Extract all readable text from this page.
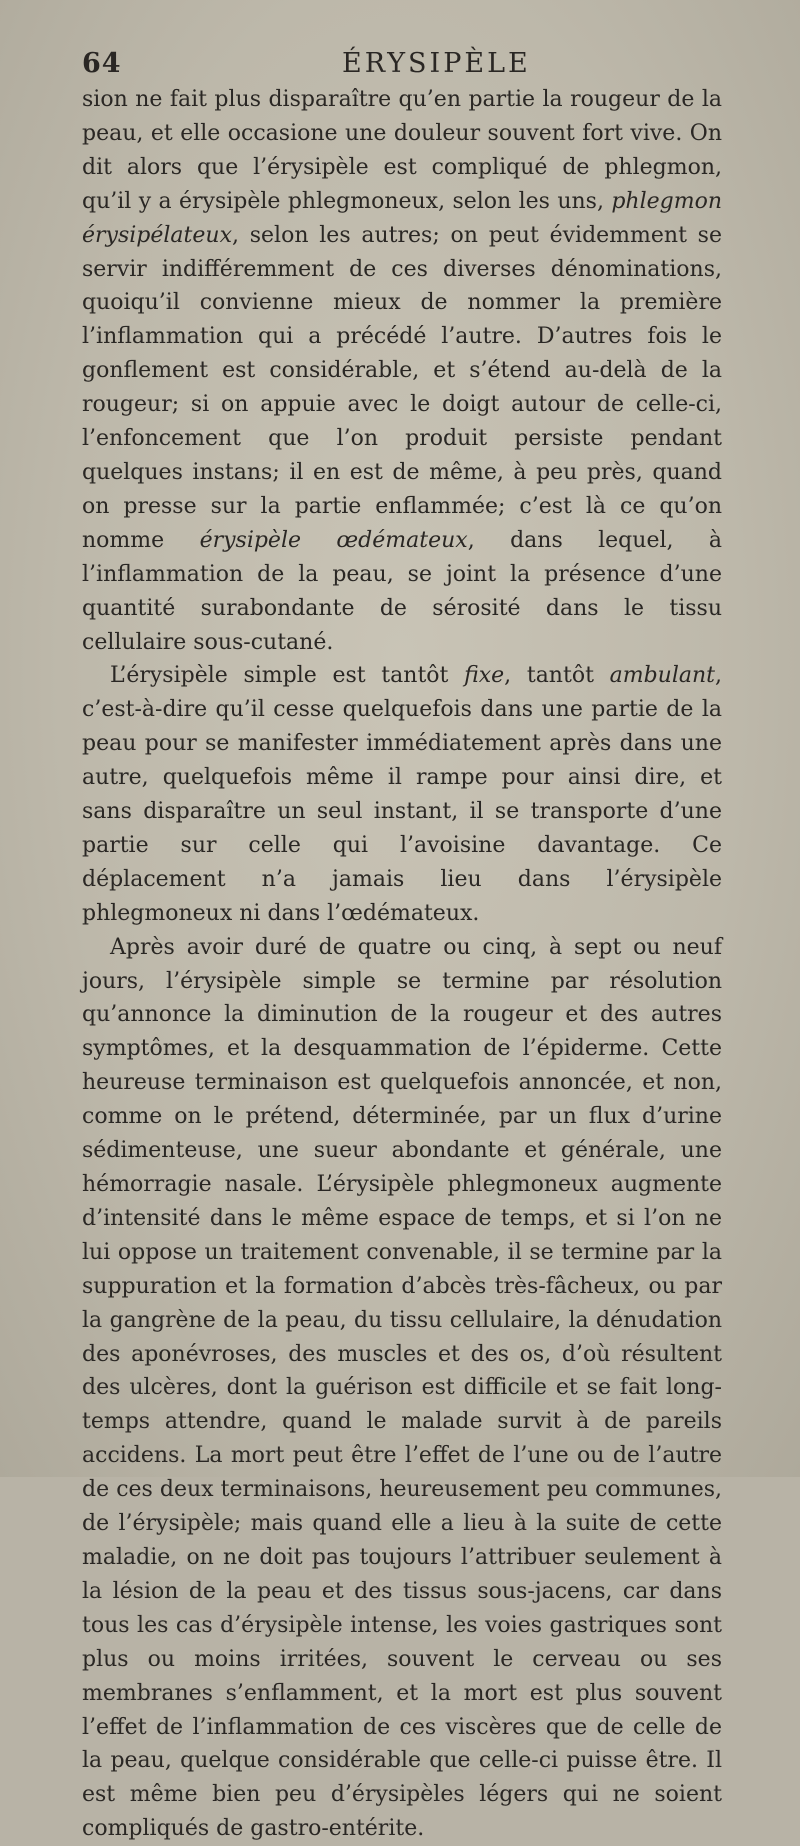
64	ÉRYSIPÈLE

sion ne fait plus disparaître qu’en partie la rougeur de la peau, et elle occasione une douleur souvent fort vive. On dit alors que l’érysipèle est compliqué de phlegmon, qu’il y a érysipèle phlegmoneux, selon les uns, phlegmon érysipélateux, selon les autres; on peut évidemment se servir indifféremment de ces diverses dénominations, quoiqu’il convienne mieux de nommer la première l’inflammation qui a précédé l’autre. D’autres fois le gonflement est considérable, et s’étend au-delà de la rougeur; si on appuie avec le doigt autour de celle-ci, l’enfoncement que l’on produit persiste pendant quelques instans; il en est de même, à peu près, quand on presse sur la partie enflammée; c’est là ce qu’on nomme érysipèle œdémateux, dans lequel, à l’inflammation de la peau, se joint la présence d’une quantité surabondante de sérosité dans le tissu cellulaire sous-cutané.

L’érysipèle simple est tantôt fixe, tantôt ambulant, c’est-à-dire qu’il cesse quelquefois dans une partie de la peau pour se manifester immédiatement après dans une autre, quelquefois même il rampe pour ainsi dire, et sans disparaître un seul instant, il se transporte d’une partie sur celle qui l’avoisine davantage. Ce déplacement n’a jamais lieu dans l’érysipèle phlegmoneux ni dans l’œdémateux.

Après avoir duré de quatre ou cinq, à sept ou neuf jours, l’érysipèle simple se termine par résolution qu’annonce la diminution de la rougeur et des autres symptômes, et la desquammation de l’épiderme. Cette heureuse terminaison est quelquefois annoncée, et non, comme on le prétend, déterminée, par un flux d’urine sédimenteuse, une sueur abondante et générale, une hémorragie nasale. L’érysipèle phlegmoneux augmente d’intensité dans le même espace de temps, et si l’on ne lui oppose un traitement convenable, il se termine par la suppuration et la formation d’abcès très-fâcheux, ou par la gangrène de la peau, du tissu cellulaire, la dénudation des aponévroses, des muscles et des os, d’où résultent des ulcères, dont la guérison est difficile et se fait long-temps attendre, quand le malade survit à de pareils accidens. La mort peut être l’effet de l’une ou de l’autre de ces deux terminaisons, heureusement peu communes, de l’érysipèle; mais quand elle a lieu à la suite de cette maladie, on ne doit pas toujours l’attribuer seulement à la lésion de la peau et des tissus sous-jacens, car dans tous les cas d’érysipèle intense, les voies gastriques sont plus ou moins irritées, souvent le cerveau ou ses membranes s’enflamment, et la mort est plus souvent l’effet de l’inflammation de ces viscères que de celle de la peau, quelque considérable que celle-ci puisse être. Il est même bien peu d’érysipèles légers qui ne soient compliqués de gastro-entérite.
